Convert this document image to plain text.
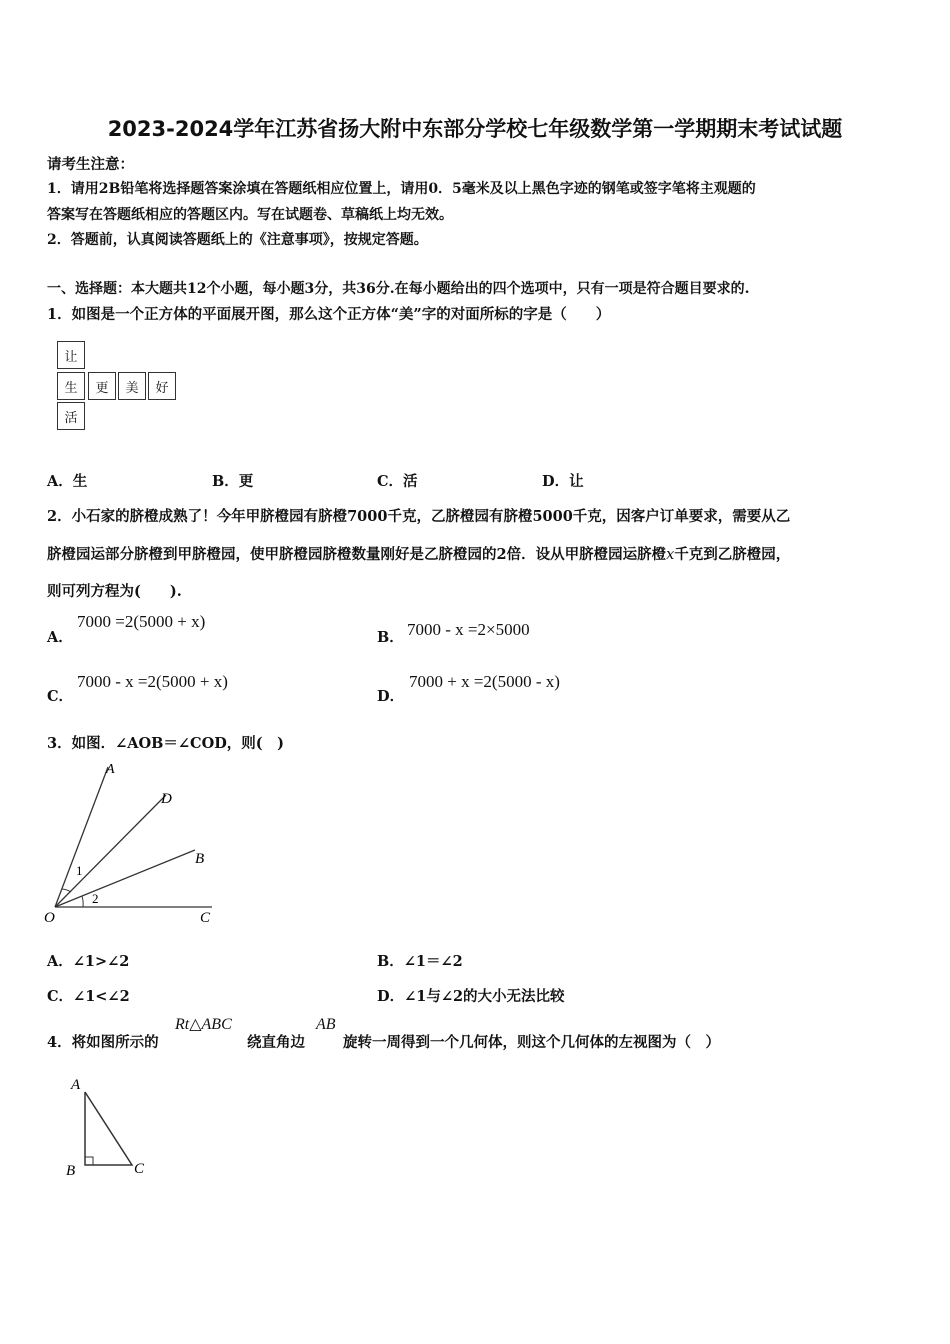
2023-2024学年江苏省扬大附中东部分学校七年级数学第一学期期末考试试题
请考生注意：
1．请用2B铅笔将选择题答案涂填在答题纸相应位置上，请用0．5毫米及以上黑色字迹的钢笔或签字笔将主观题的
答案写在答题纸相应的答题区内。写在试题卷、草稿纸上均无效。
2．答题前，认真阅读答题纸上的《注意事项》，按规定答题。
一、选择题：本大题共12个小题，每小题3分，共36分.在每小题给出的四个选项中，只有一项是符合题目要求的.
1．如图是一个正方体的平面展开图，那么这个正方体“美”字的对面所标的字是（　　）
让
生	更	美	好
活
A．生	B．更	C．活	D．让
2．小石家的脐橙成熟了！今年甲脐橙园有脐橙7000千克，乙脐橙园有脐橙5000千克，因客户订单要求，需要从乙
脐橙园运部分脐橙到甲脐橙园，使甲脐橙园脐橙数量刚好是乙脐橙园的2倍．设从甲脐橙园运脐橙x千克到乙脐橙园，
则可列方程为(　　).
A．
7000 =2(5000 + x)
B． 7000 - x =2×5000
C．
7000 - x =2(5000 + x)
D．
7000 + x =2(5000 - x)
3．如图．∠AOB＝∠COD，则(　)
A
D
B
O	C
1
2
A．∠1>∠2	B．∠1＝∠2
C．∠1<∠2	D．∠1与∠2的大小无法比较
4．将如图所示的
Rt△ABC
绕直角边
AB
旋转一周得到一个几何体，则这个几何体的左视图为（　）
A
B	C
